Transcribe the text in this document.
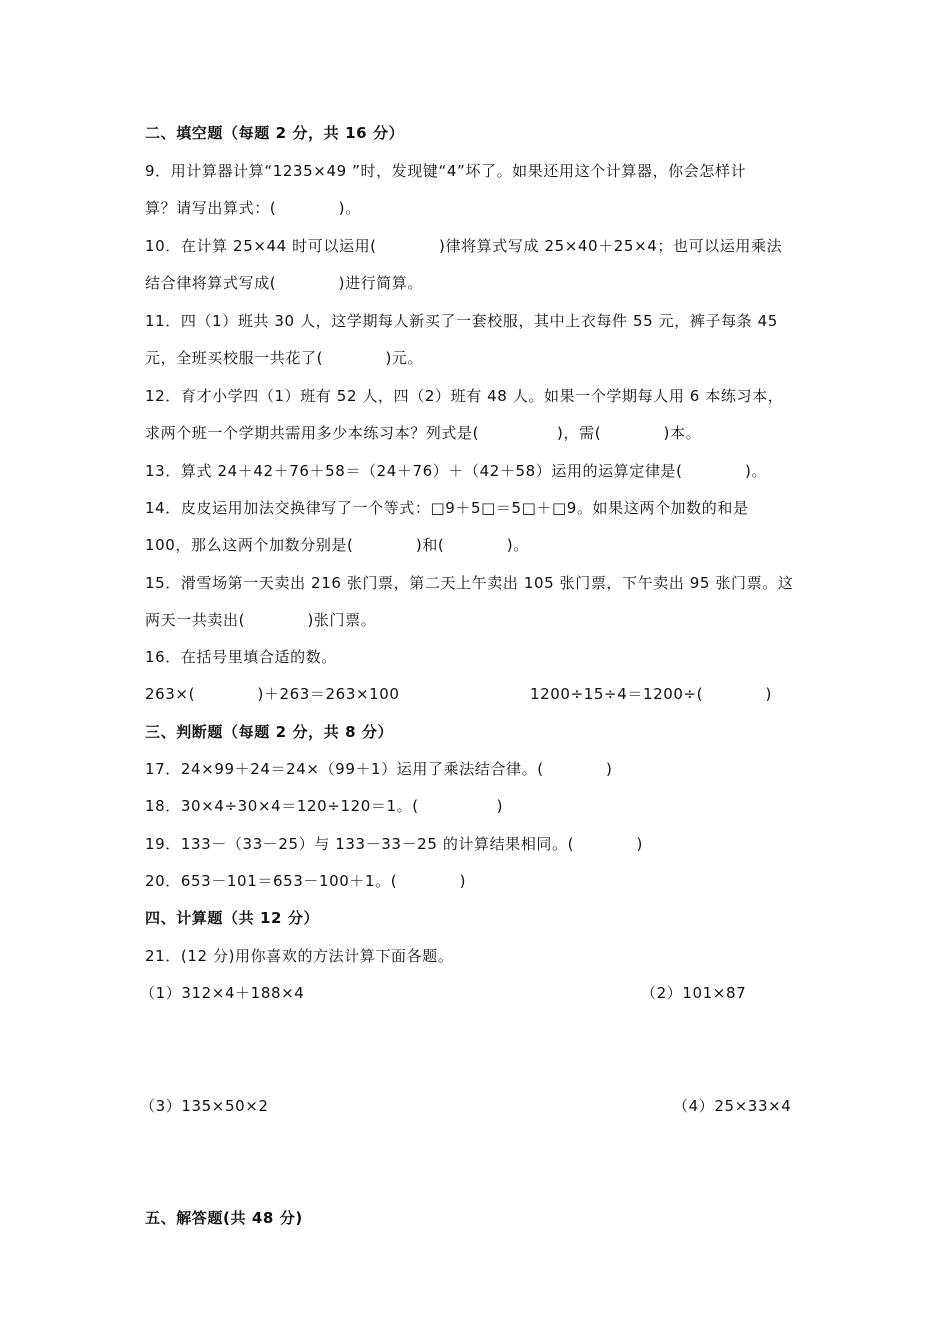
二、填空题（每题 2 分，共 16 分）
9．用计算器计算“1235×49 ”时，发现键“4”坏了。如果还用这个计算器，你会怎样计
算？请写出算式：(　　　　)。
10．在计算 25×44 时可以运用(　　　　)律将算式写成 25×40＋25×4；也可以运用乘法
结合律将算式写成(　　　　)进行简算。
11．四（1）班共 30 人，这学期每人新买了一套校服，其中上衣每件 55 元，裤子每条 45
元，全班买校服一共花了(　　　　)元。
12．育才小学四（1）班有 52 人，四（2）班有 48 人。如果一个学期每人用 6 本练习本，
求两个班一个学期共需用多少本练习本？列式是(　　　　　)，需(　　　　)本。
13．算式 24＋42＋76＋58＝（24＋76）＋（42＋58）运用的运算定律是(　　　　)。
14．皮皮运用加法交换律写了一个等式：□9＋5□＝5□＋□9。如果这两个加数的和是
100，那么这两个加数分别是(　　　　)和(　　　　)。
15．滑雪场第一天卖出 216 张门票，第二天上午卖出 105 张门票，下午卖出 95 张门票。这
两天一共卖出(　　　　)张门票。
16．在括号里填合适的数。
263×(　　　　)＋263＝263×100	1200÷15÷4＝1200÷(　　　　)
三、判断题（每题 2 分，共 8 分）
17．24×99＋24＝24×（99＋1）运用了乘法结合律。(　　　　)
18．30×4÷30×4＝120÷120＝1。(　　　　　)
19．133－（33－25）与 133－33－25 的计算结果相同。(　　　　)
20．653－101＝653－100＋1。(　　　　)
四、计算题（共 12 分）
21．(12 分)用你喜欢的方法计算下面各题。
（1）312×4＋188×4	（2）101×87
（3）135×50×2	（4）25×33×4
五、解答题(共 48 分)
